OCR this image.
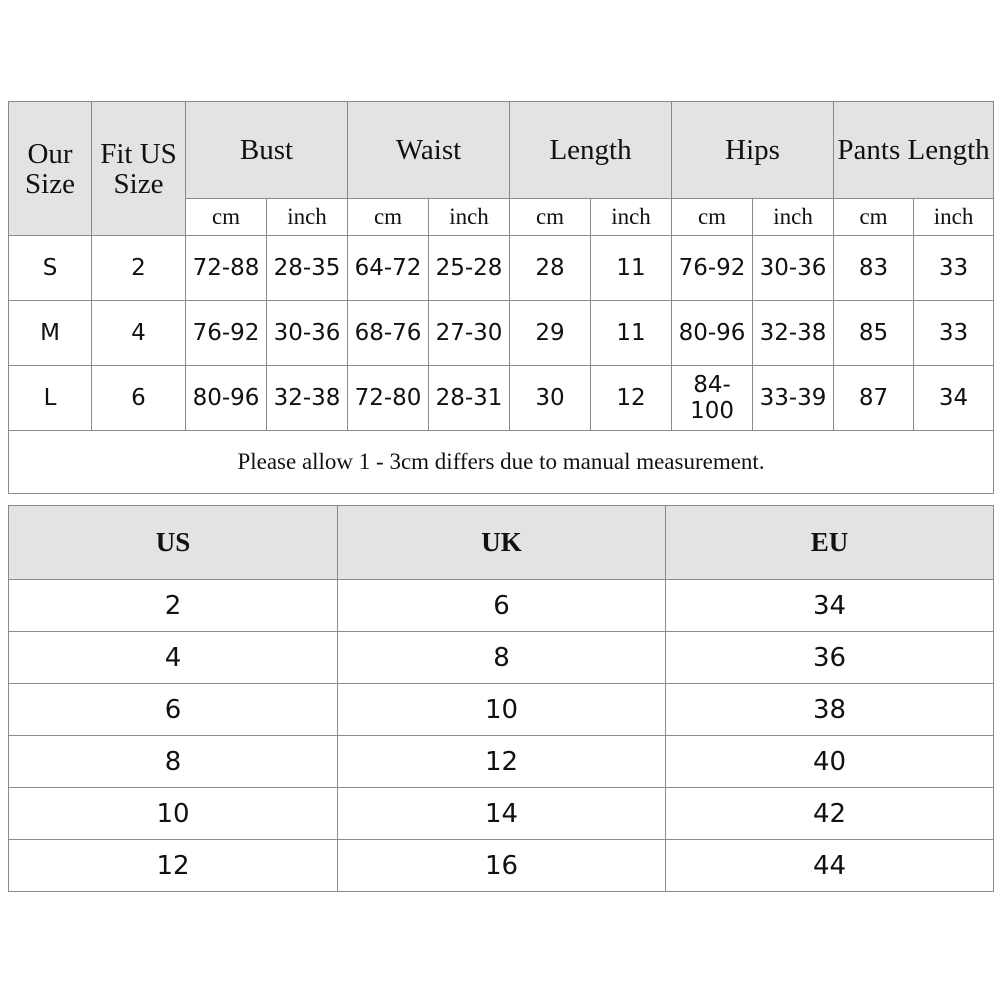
Our Size	Fit US Size	Bust		Waist		Length		Hips		Pants Length	
		cm	inch	cm	inch	cm	inch	cm	inch	cm	inch
S	2	72-88	28-35	64-72	25-28	28	11	76-92	30-36	83	33
M	4	76-92	30-36	68-76	27-30	29	11	80-96	32-38	85	33
L	6	80-96	32-38	72-80	28-31	30	12	84-100	33-39	87	34
Please allow 1 - 3cm differs due to manual measurement.											
US	UK	EU
2	6	34
4	8	36
6	10	38
8	12	40
10	14	42
12	16	44
